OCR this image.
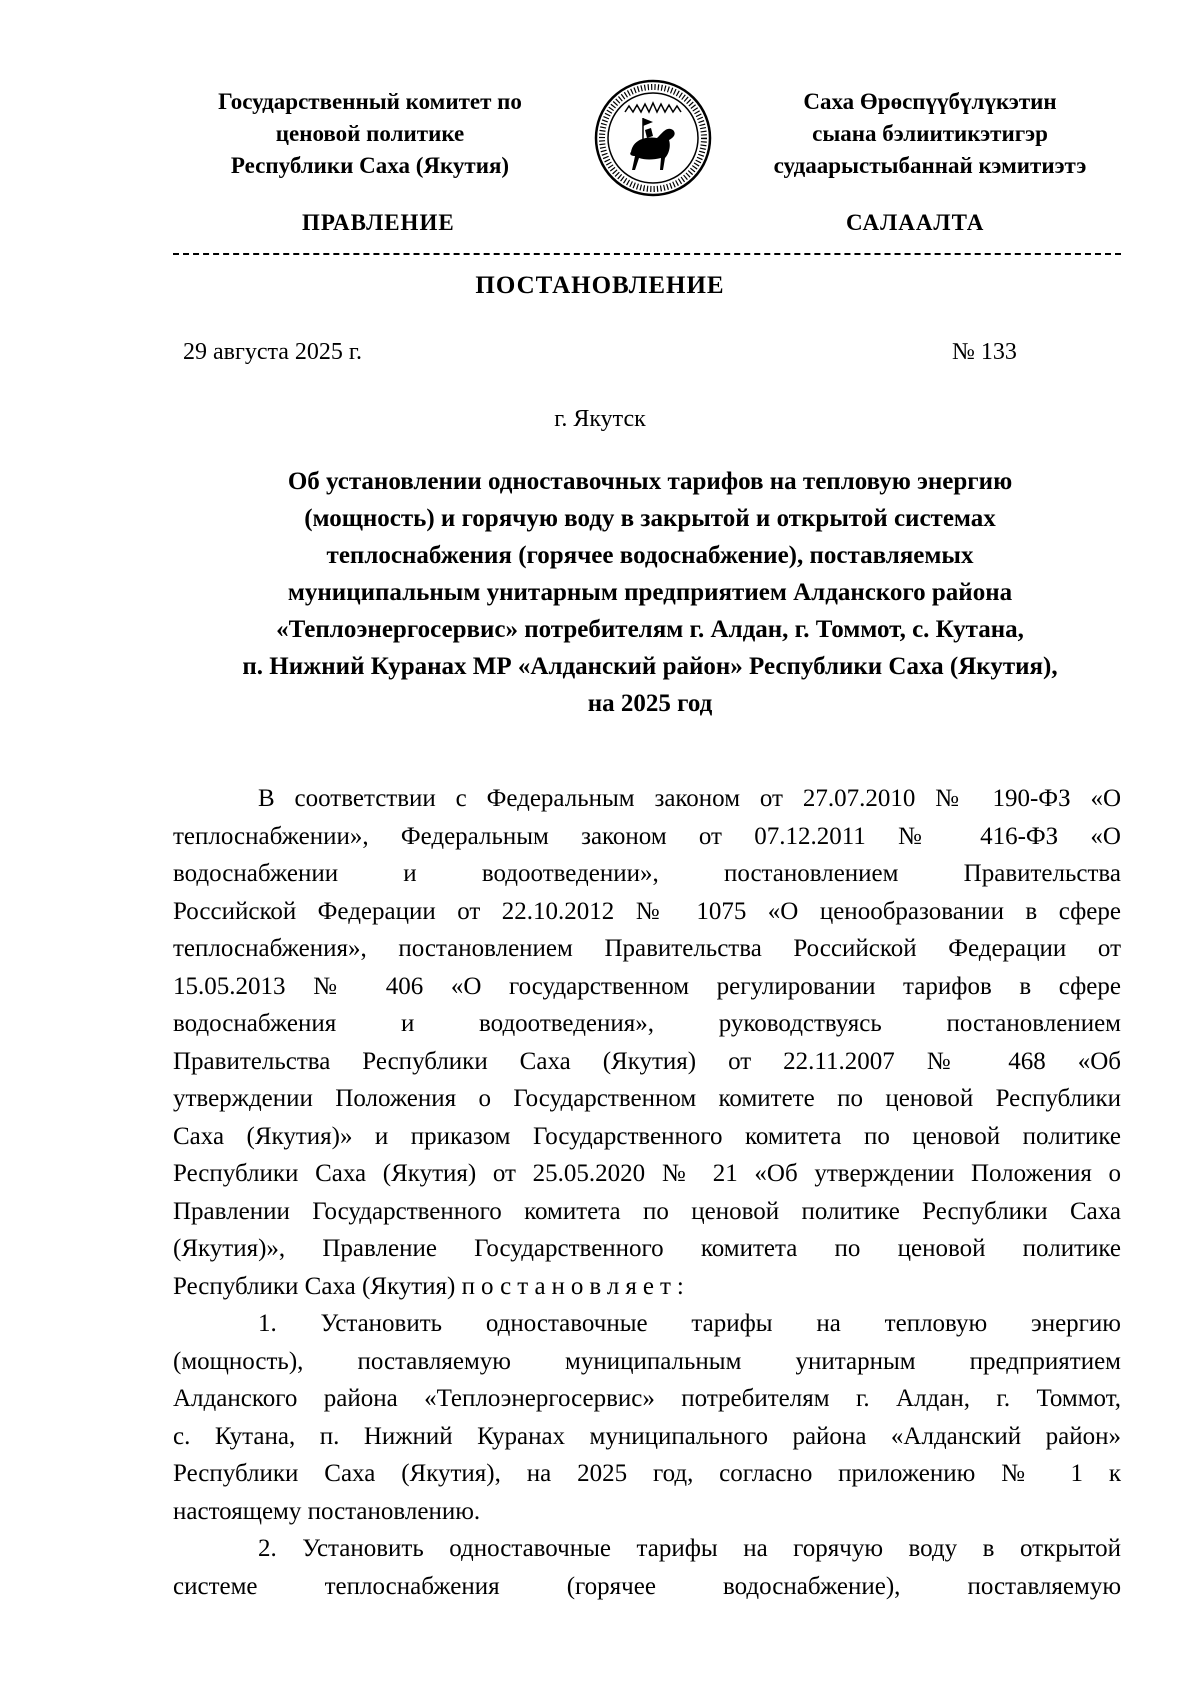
Государственный комитет по
ценовой политике
Республики Саха (Якутия)
Саха Өрөспүүбүлүкэтин
сыана бэлиитикэтигэр
судаарыстыбаннай кэмитиэтэ
ПРАВЛЕНИЕ	САЛААЛТА
ПОСТАНОВЛЕНИЕ
29 августа 2025 г.	№ 133
г. Якутск
Об установлении одноставочных тарифов на тепловую энергию
(мощность) и горячую воду в закрытой и открытой системах
теплоснабжения (горячее водоснабжение), поставляемых
муниципальным унитарным предприятием Алданского района
«Теплоэнергосервис» потребителям г. Алдан, г. Томмот, с. Кутана,
п. Нижний Куранах МР «Алданский район» Республики Саха (Якутия),
на 2025 год
В соответствии с Федеральным законом от 27.07.2010 № 190-ФЗ «О
теплоснабжении», Федеральным законом от 07.12.2011 № 416-ФЗ «О
водоснабжении и водоотведении», постановлением Правительства
Российской Федерации от 22.10.2012 № 1075 «О ценообразовании в сфере
теплоснабжения», постановлением Правительства Российской Федерации от
15.05.2013 № 406 «О государственном регулировании тарифов в сфере
водоснабжения и водоотведения», руководствуясь постановлением
Правительства Республики Саха (Якутия) от 22.11.2007 № 468 «Об
утверждении Положения о Государственном комитете по ценовой Республики
Саха (Якутия)» и приказом Государственного комитета по ценовой политике
Республики Саха (Якутия) от 25.05.2020 № 21 «Об утверждении Положения о
Правлении Государственного комитета по ценовой политике Республики Саха
(Якутия)», Правление Государственного комитета по ценовой политике
Республики Саха (Якутия) постановляет:
1. Установить одноставочные тарифы на тепловую энергию
(мощность), поставляемую муниципальным унитарным предприятием
Алданского района «Теплоэнергосервис» потребителям г. Алдан, г. Томмот,
с. Кутана, п. Нижний Куранах муниципального района «Алданский район»
Республики Саха (Якутия), на 2025 год, согласно приложению № 1 к
настоящему постановлению.
2. Установить одноставочные тарифы на горячую воду в открытой
системе теплоснабжения (горячее водоснабжение), поставляемую
